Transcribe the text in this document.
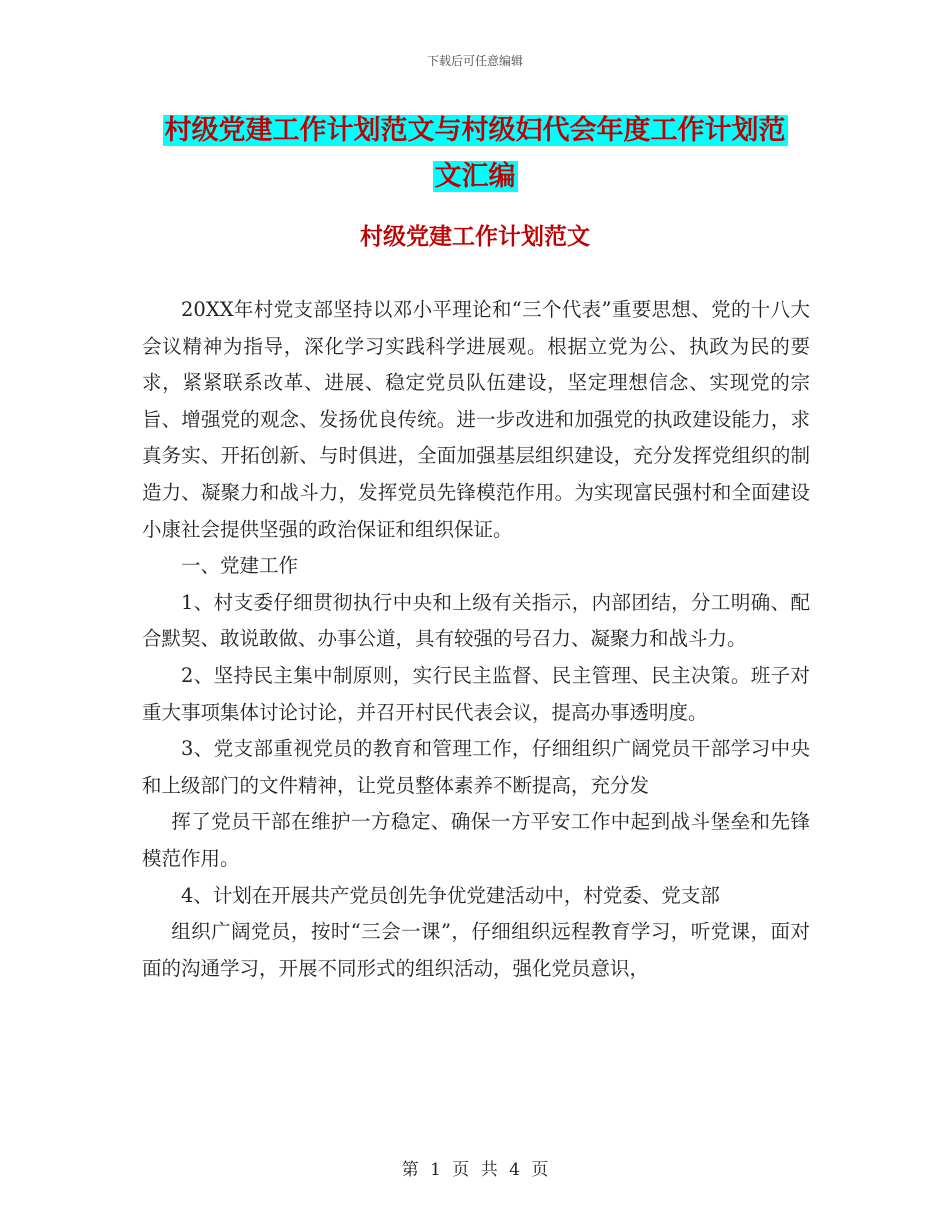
下载后可任意编辑
村级党建工作计划范文与村级妇代会年度工作计划范
文汇编
村级党建工作计划范文

20XX年村党支部坚持以邓小平理论和“三个代表”重要思想、党的十八大会议精神为指导，深化学习实践科学进展观。根据立党为公、执政为民的要求，紧紧联系改革、进展、稳定党员队伍建设，坚定理想信念、实现党的宗旨、增强党的观念、发扬优良传统。进一步改进和加强党的执政建设能力，求真务实、开拓创新、与时俱进，全面加强基层组织建设，充分发挥党组织的制造力、凝聚力和战斗力，发挥党员先锋模范作用。为实现富民强村和全面建设小康社会提供坚强的政治保证和组织保证。

一、党建工作

1、村支委仔细贯彻执行中央和上级有关指示，内部团结，分工明确、配合默契、敢说敢做、办事公道，具有较强的号召力、凝聚力和战斗力。

2、坚持民主集中制原则，实行民主监督、民主管理、民主决策。班子对重大事项集体讨论讨论，并召开村民代表会议，提高办事透明度。

3、党支部重视党员的教育和管理工作，仔细组织广阔党员干部学习中央和上级部门的文件精神，让党员整体素养不断提高，充分发

挥了党员干部在维护一方稳定、确保一方平安工作中起到战斗堡垒和先锋模范作用。

4、计划在开展共产党员创先争优党建活动中，村党委、党支部

组织广阔党员，按时“三会一课”，仔细组织远程教育学习，听党课，面对面的沟通学习，开展不同形式的组织活动，强化党员意识，

第 1 页 共 4 页
